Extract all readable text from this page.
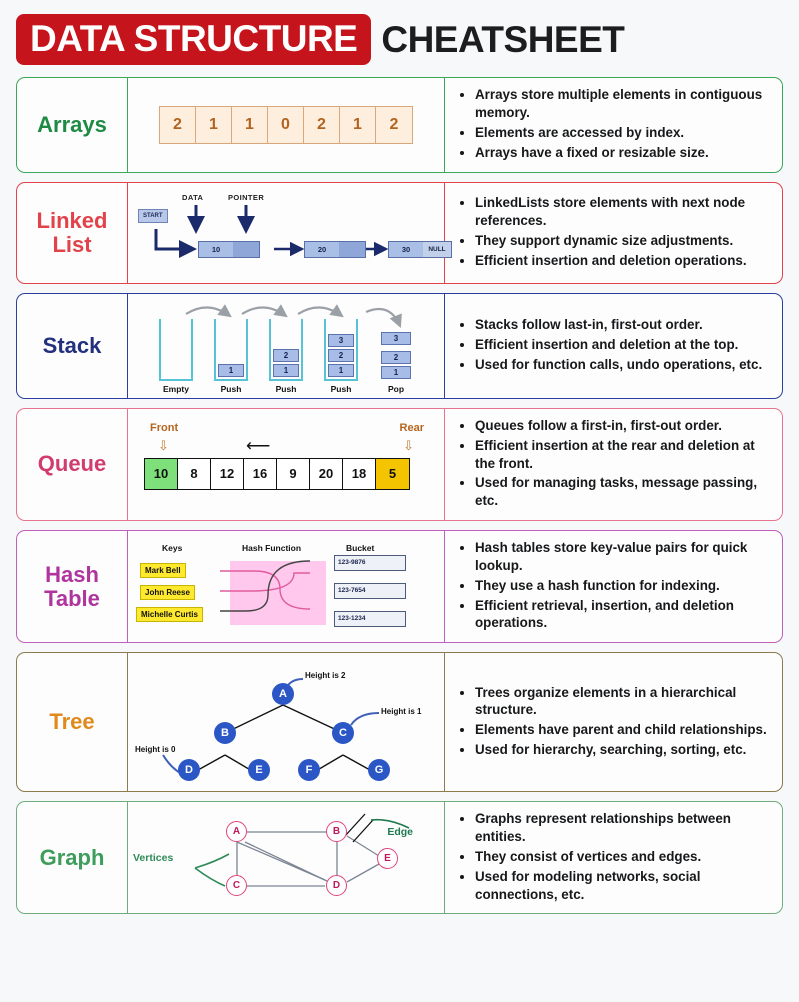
DATA STRUCTURE CHEATSHEET
Arrays	2	1	1	0	2	1	2
• Arrays store multiple elements in contiguous memory.
• Elements are accessed by index.
• Arrays have a fixed or resizable size.
Linked List
DATA	POINTER
START
10	20	30	NULL
• LinkedLists store elements with next node references.
• They support dynamic size adjustments.
• Efficient insertion and deletion operations.
Stack
Empty
1
Push
2
1
Push
3
2
1
Push
3
2
1
Pop
• Stacks follow last-in, first-out order.
• Efficient insertion and deletion at the top.
• Used for function calls, undo operations, etc.
Queue
Front	Rear
⇩	⇩
⟵
10	8	12	16	9	20	18	5
• Queues follow a first-in, first-out order.
• Efficient insertion at the rear and deletion at the front.
• Used for managing tasks, message passing, etc.
Hash Table
Keys	Hash Function	Bucket
Mark Bell
John Reese
Michelle Curtis
123-9876
123-7654
123-1234
• Hash tables store key-value pairs for quick lookup.
• They use a hash function for indexing.
• Efficient retrieval, insertion, and deletion operations.
Tree
Height is 2
Height is 1
Height is 0
A
B	C
D	E	F	G
• Trees organize elements in a hierarchical structure.
• Elements have parent and child relationships.
• Used for hierarchy, searching, sorting, etc.
Graph	Vertices
Edge
A	B
C	D
E
• Graphs represent relationships between entities.
• They consist of vertices and edges.
• Used for modeling networks, social connections, etc.
